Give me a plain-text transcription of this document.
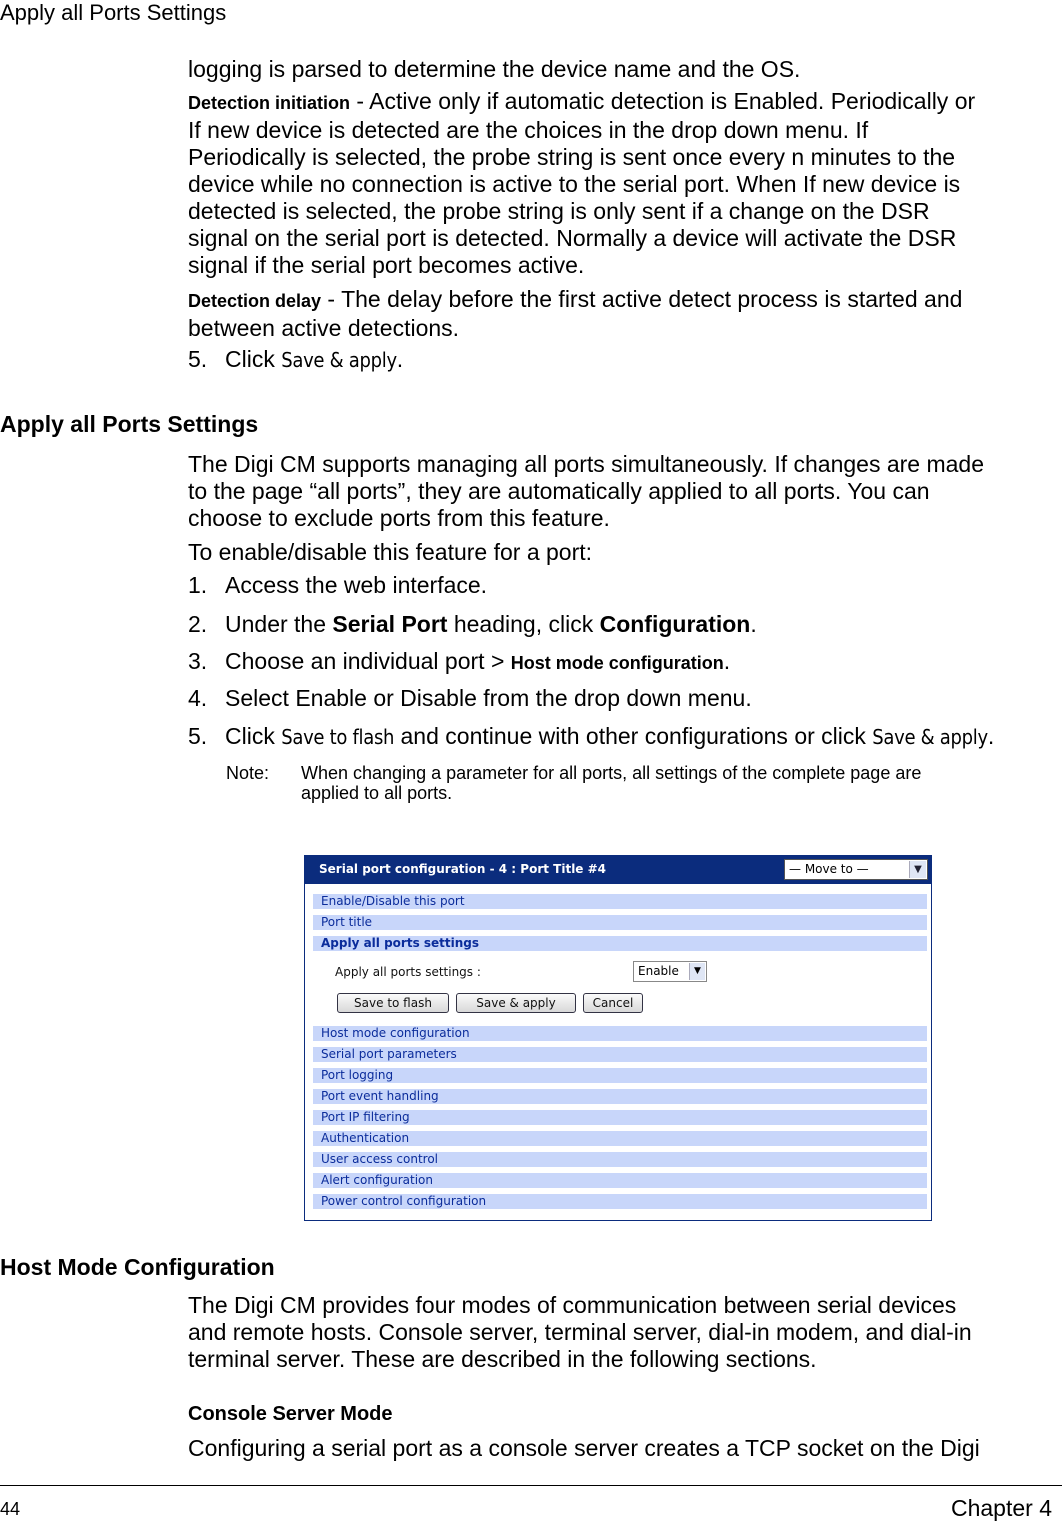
Apply all Ports Settings
logging is parsed to determine the device name and the OS.
Detection initiation - Active only if automatic detection is Enabled. Periodically or
If new device is detected are the choices in the drop down menu. If
Periodically is selected, the probe string is sent once every n minutes to the
device while no connection is active to the serial port. When If new device is
detected is selected, the probe string is only sent if a change on the DSR
signal on the serial port is detected. Normally a device will activate the DSR
signal if the serial port becomes active.
Detection delay - The delay before the first active detect process is started and
between active detections.
5. Click Save & apply.
Apply all Ports Settings
The Digi CM supports managing all ports simultaneously. If changes are made
to the page “all ports”, they are automatically applied to all ports. You can
choose to exclude ports from this feature.
To enable/disable this feature for a port:
1. Access the web interface.
2. Under the Serial Port heading, click Configuration.
3. Choose an individual port > Host mode configuration.
4. Select Enable or Disable from the drop down menu.
5. Click Save to flash and continue with other configurations or click Save & apply.
Note: When changing a parameter for all ports, all settings of the complete page are
applied to all ports.
Serial port configuration - 4 : Port Title #4	— Move to —	▼
Enable/Disable this port
Port title
Apply all ports settings
Apply all ports settings :	Enable	▼
Save to flash	Save & apply	Cancel
Host mode configuration
Serial port parameters
Port logging
Port event handling
Port IP filtering
Authentication
User access control
Alert configuration
Power control configuration
Host Mode Configuration
The Digi CM provides four modes of communication between serial devices
and remote hosts. Console server, terminal server, dial-in modem, and dial-in
terminal server. These are described in the following sections.
Console Server Mode
Configuring a serial port as a console server creates a TCP socket on the Digi
44	Chapter 4
